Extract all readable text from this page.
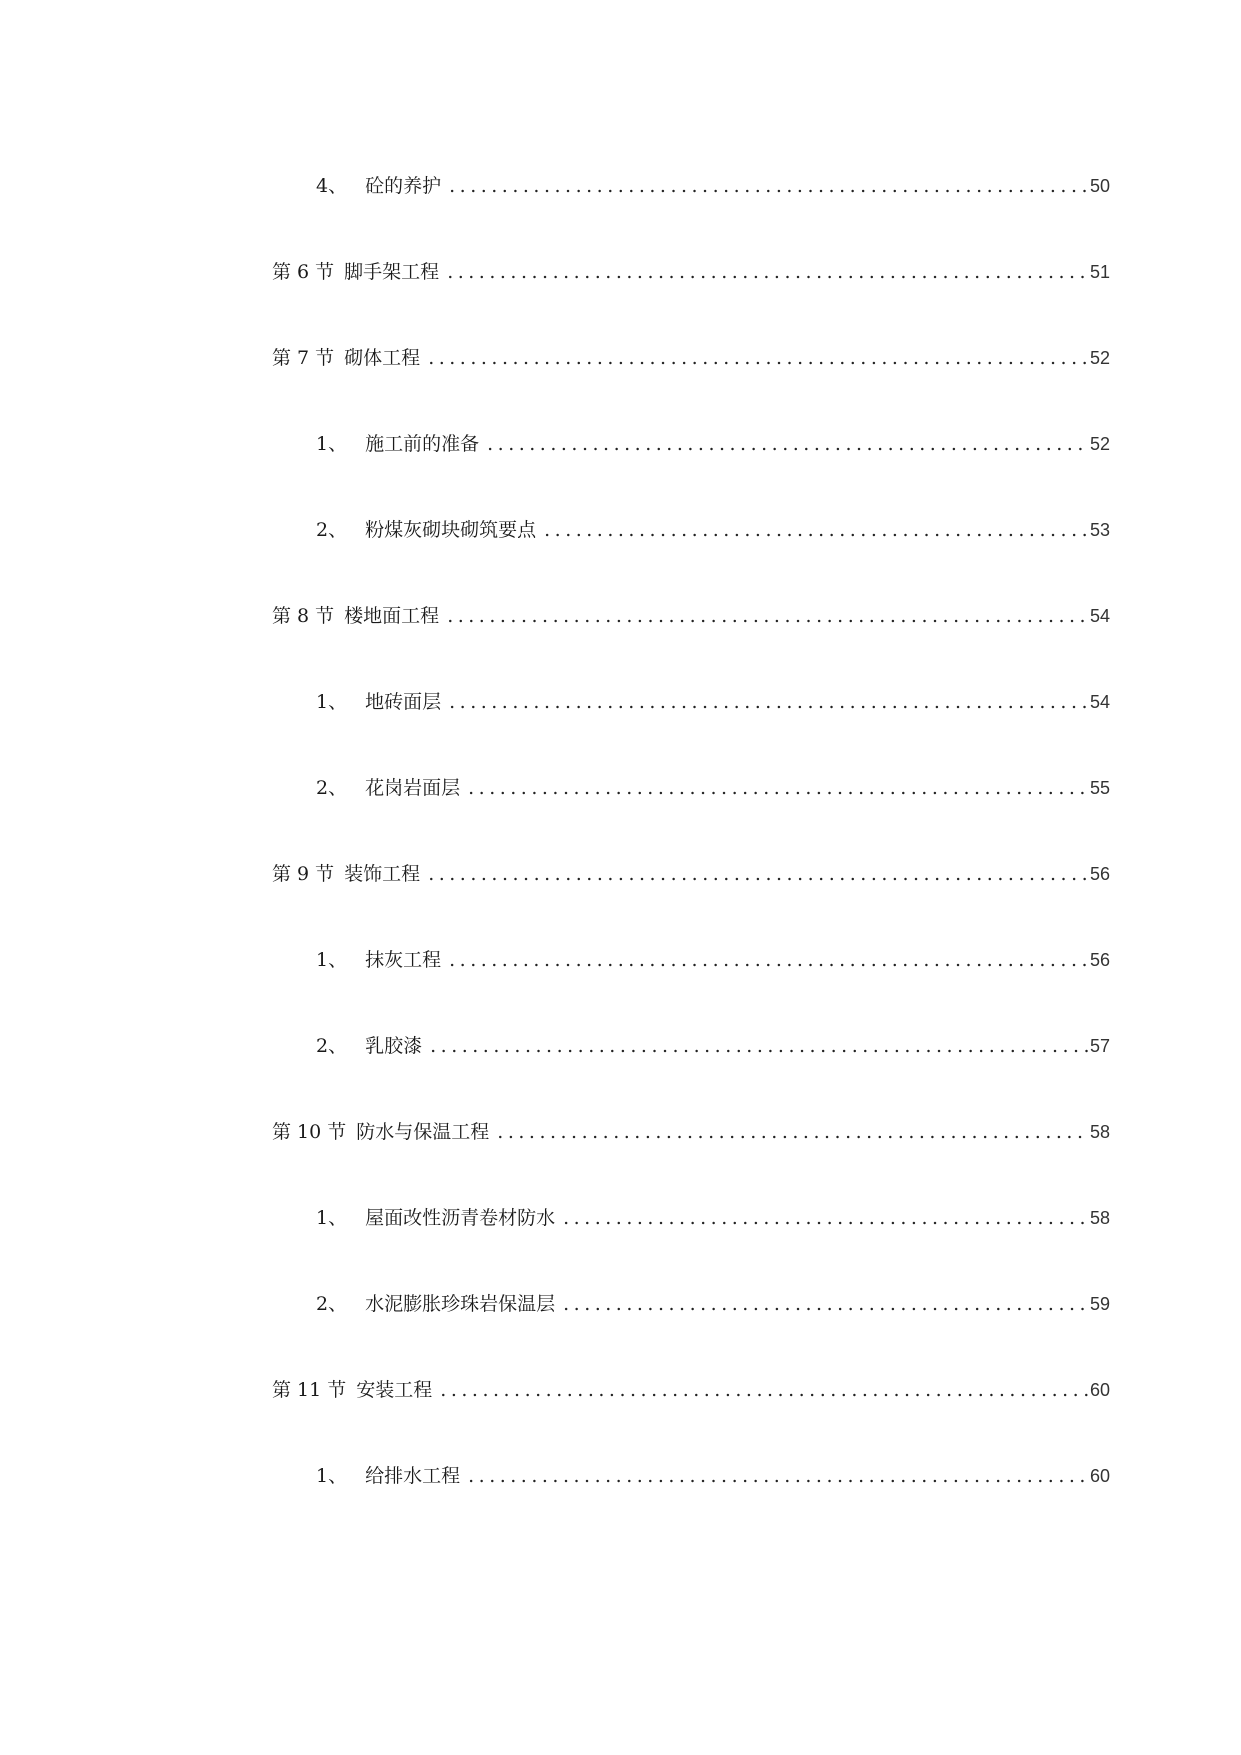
4、 砼的养护 .....	50
第 6 节 脚手架工程 .....	51
第 7 节 砌体工程 .....	52
1、 施工前的准备 .....	52
2、 粉煤灰砌块砌筑要点 .....	53
第 8 节 楼地面工程 .....	54
1、 地砖面层 .....	54
2、 花岗岩面层 .....	55
第 9 节 装饰工程 .....	56
1、 抹灰工程 .....	56
2、 乳胶漆 .....	57
第 10 节 防水与保温工程 .....	58
1、 屋面改性沥青卷材防水 .....	58
2、 水泥膨胀珍珠岩保温层 .....	59
第 11 节 安装工程 .....	60
1、 给排水工程 .....	60
